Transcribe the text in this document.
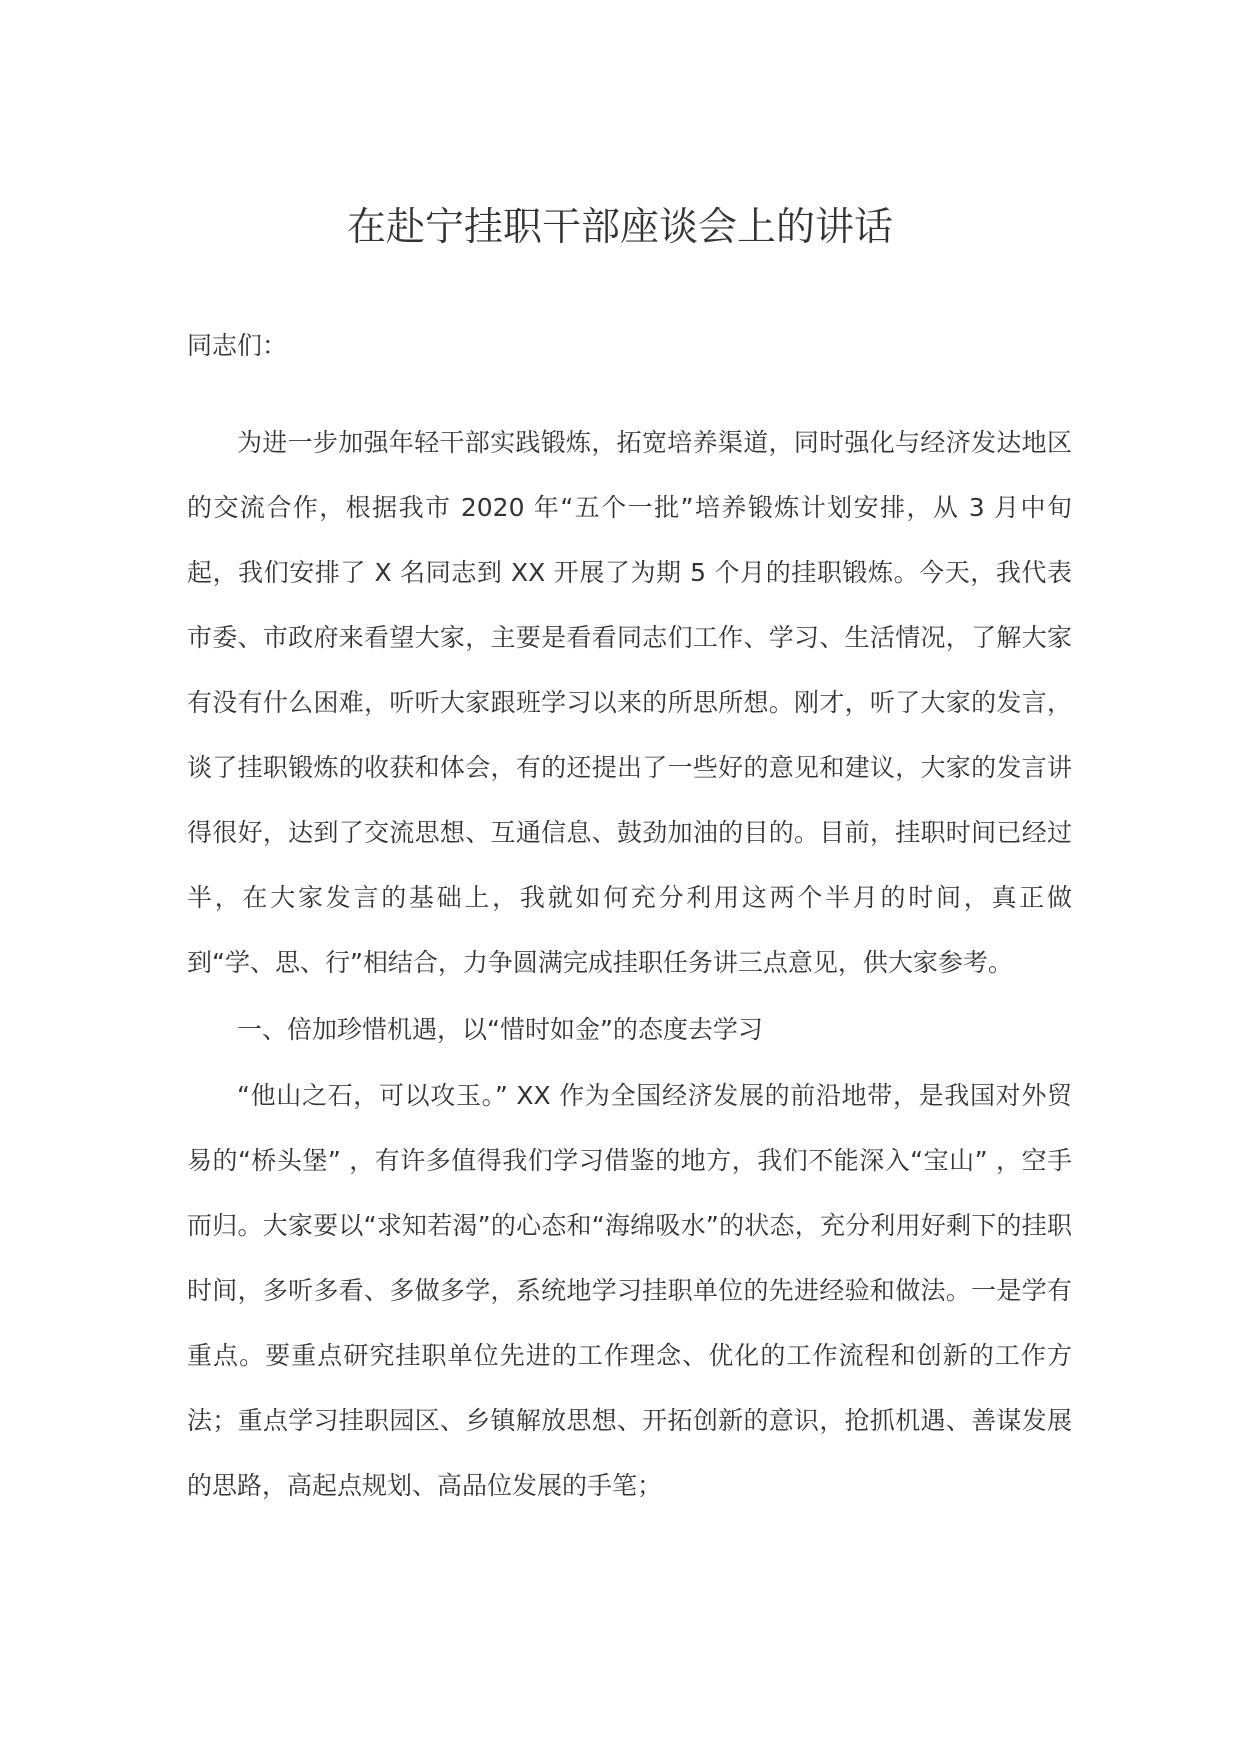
在赴宁挂职干部座谈会上的讲话
同志们：

为进一步加强年轻干部实践锻炼，拓宽培养渠道，同时强化与经济发达地区的交流合作，根据我市 2020 年“五个一批”培养锻炼计划安排，从 3 月中旬起，我们安排了 X 名同志到 XX 开展了为期 5 个月的挂职锻炼。今天，我代表市委、市政府来看望大家，主要是看看同志们工作、学习、生活情况，了解大家有没有什么困难，听听大家跟班学习以来的所思所想。刚才，听了大家的发言，谈了挂职锻炼的收获和体会，有的还提出了一些好的意见和建议，大家的发言讲得很好，达到了交流思想、互通信息、鼓劲加油的目的。目前，挂职时间已经过半，在大家发言的基础上，我就如何充分利用这两个半月的时间，真正做到“学、思、行”相结合，力争圆满完成挂职任务讲三点意见，供大家参考。

一、倍加珍惜机遇，以“惜时如金”的态度去学习

“他山之石，可以攻玉。” XX 作为全国经济发展的前沿地带，是我国对外贸易的“桥头堡” ，有许多值得我们学习借鉴的地方，我们不能深入“宝山” ，空手而归。大家要以“求知若渴”的心态和“海绵吸水”的状态，充分利用好剩下的挂职时间，多听多看、多做多学，系统地学习挂职单位的先进经验和做法。一是学有重点。要重点研究挂职单位先进的工作理念、优化的工作流程和创新的工作方法；重点学习挂职园区、乡镇解放思想、开拓创新的意识，抢抓机遇、善谋发展的思路，高起点规划、高品位发展的手笔；
